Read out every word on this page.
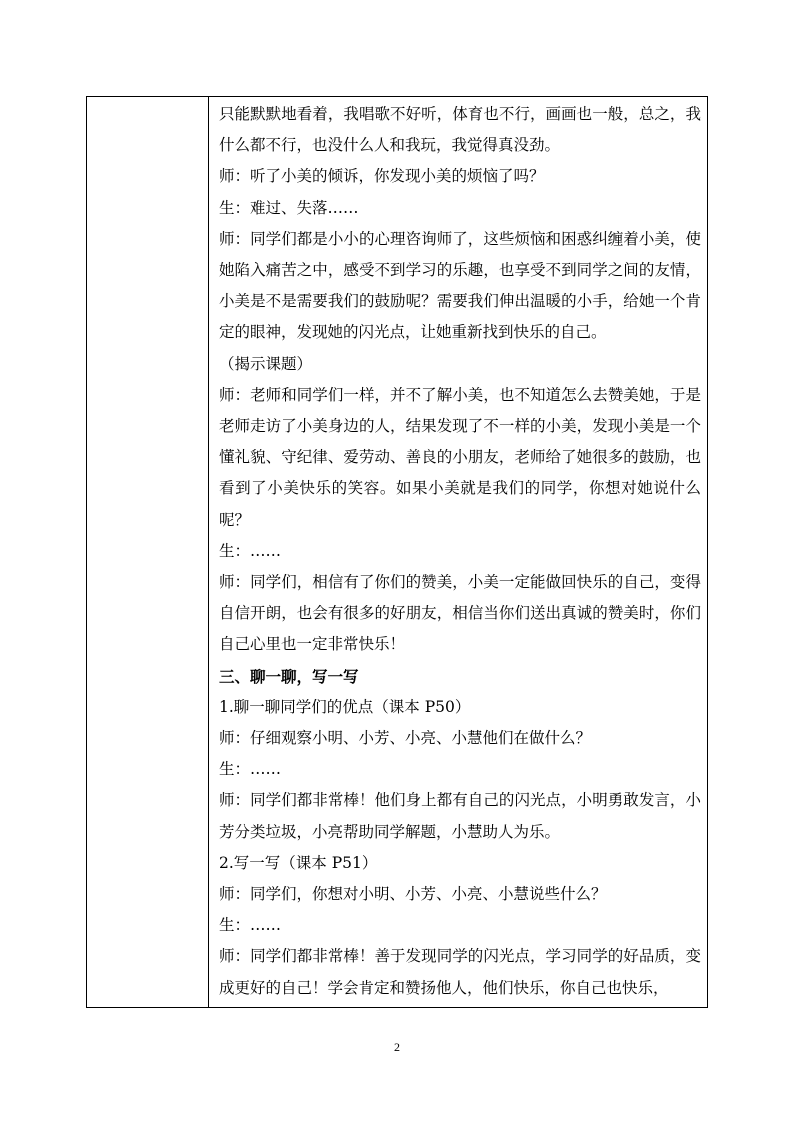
只能默默地看着，我唱歌不好听，体育也不行，画画也一般，总之，我什么都不行，也没什么人和我玩，我觉得真没劲。

师：听了小美的倾诉，你发现小美的烦恼了吗？

生：难过、失落……

师：同学们都是小小的心理咨询师了，这些烦恼和困惑纠缠着小美，使她陷入痛苦之中，感受不到学习的乐趣，也享受不到同学之间的友情，小美是不是需要我们的鼓励呢？需要我们伸出温暖的小手，给她一个肯定的眼神，发现她的闪光点，让她重新找到快乐的自己。

（揭示课题）

师：老师和同学们一样，并不了解小美，也不知道怎么去赞美她，于是老师走访了小美身边的人，结果发现了不一样的小美，发现小美是一个懂礼貌、守纪律、爱劳动、善良的小朋友，老师给了她很多的鼓励，也看到了小美快乐的笑容。如果小美就是我们的同学，你想对她说什么呢？

生：……

师：同学们，相信有了你们的赞美，小美一定能做回快乐的自己，变得自信开朗，也会有很多的好朋友，相信当你们送出真诚的赞美时，你们自己心里也一定非常快乐！

三、聊一聊，写一写

1.聊一聊同学们的优点（课本 P50）

师：仔细观察小明、小芳、小亮、小慧他们在做什么？

生：……

师：同学们都非常棒！他们身上都有自己的闪光点，小明勇敢发言，小芳分类垃圾，小亮帮助同学解题，小慧助人为乐。

2.写一写（课本 P51）

师：同学们，你想对小明、小芳、小亮、小慧说些什么？

生：……

师：同学们都非常棒！善于发现同学的闪光点，学习同学的好品质，变成更好的自己！学会肯定和赞扬他人，他们快乐，你自己也快乐，

2
